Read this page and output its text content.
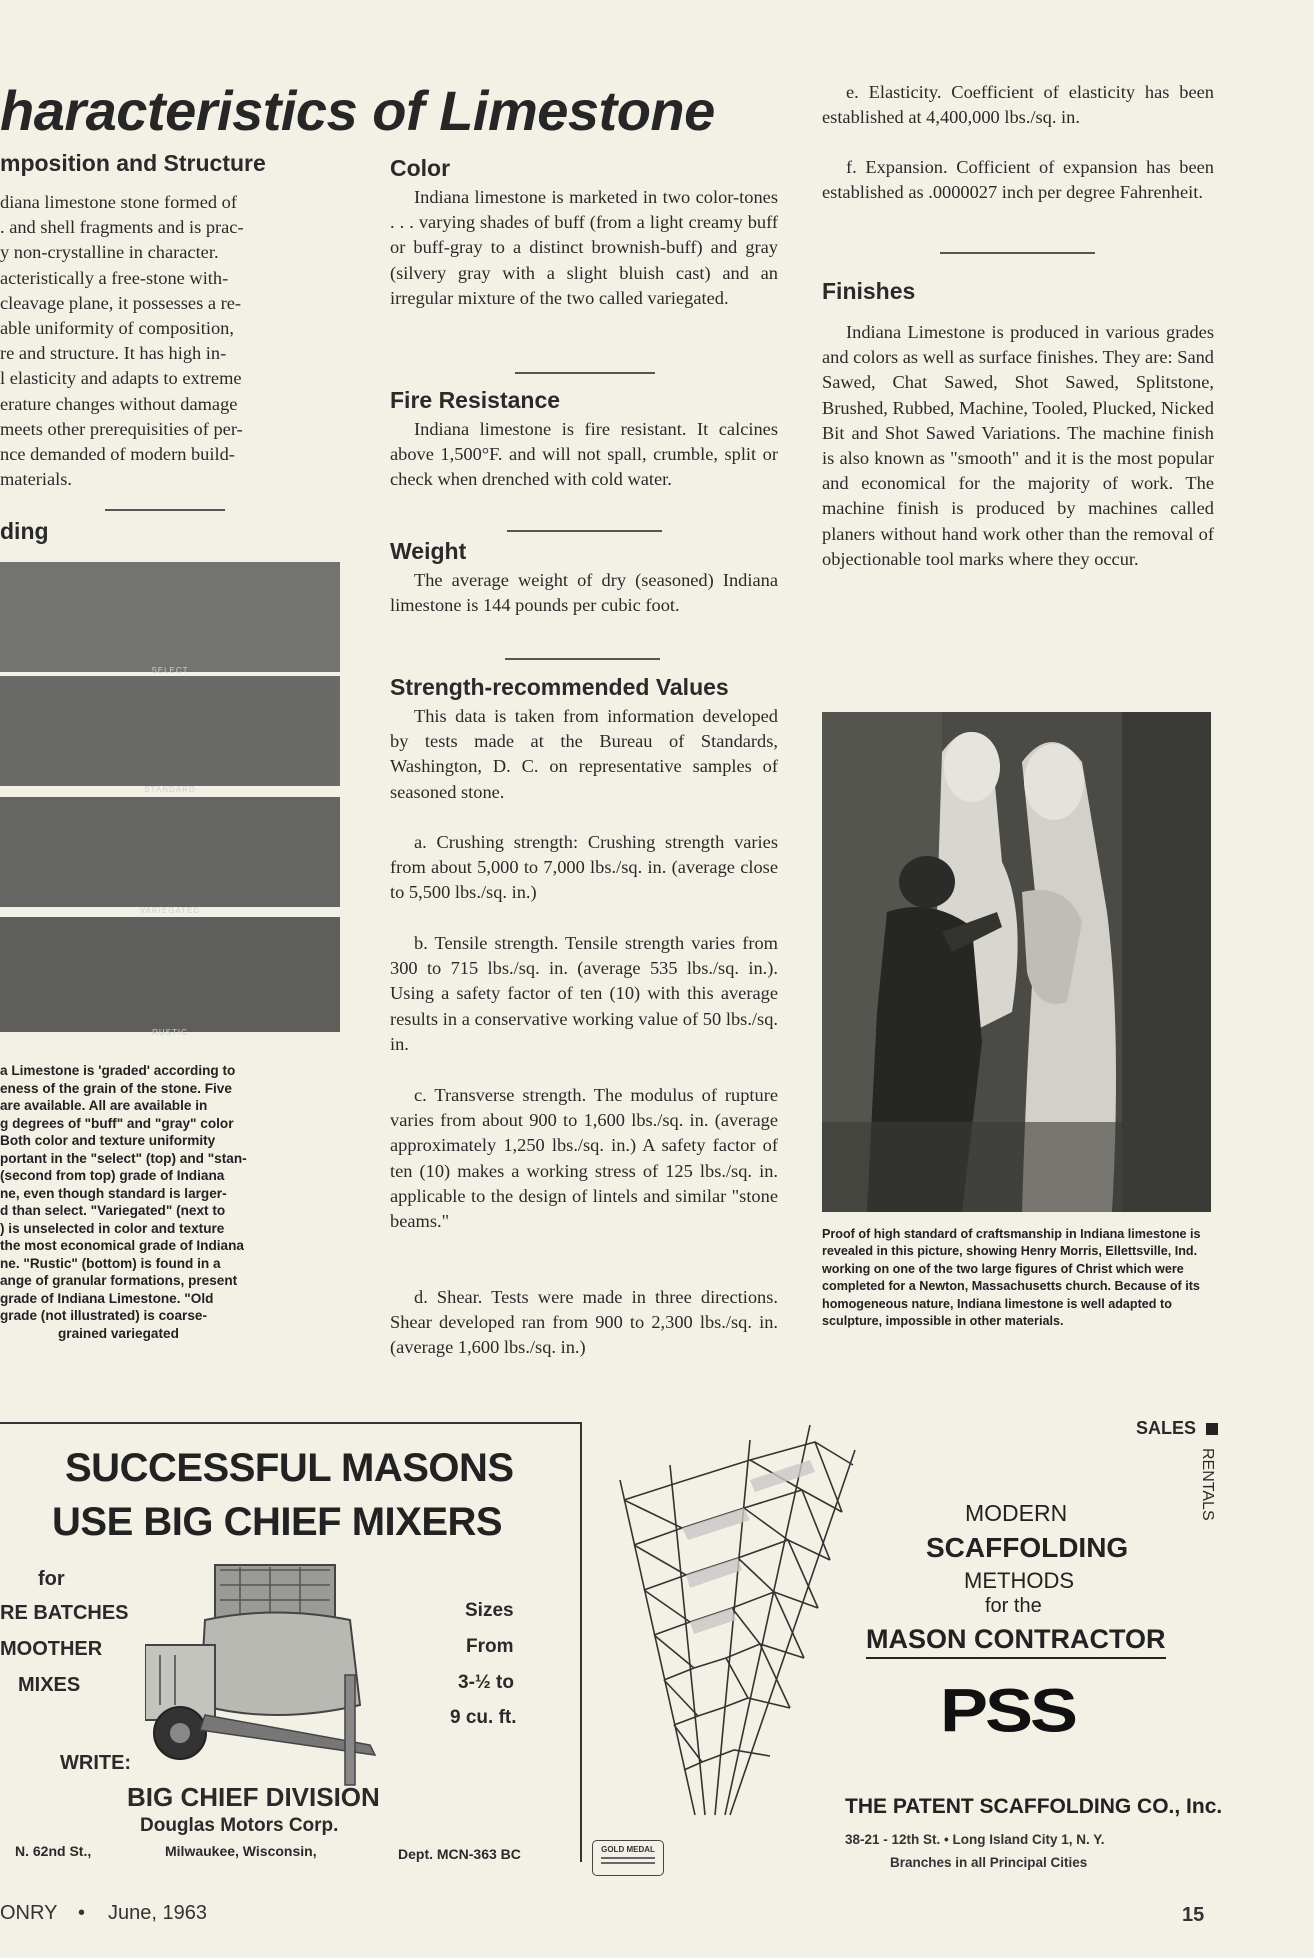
haracteristics of Limestone
mposition and Structure
diana limestone stone formed of
. and shell fragments and is prac-
y non-crystalline in character.
acteristically a free-stone with-
cleavage plane, it possesses a re-
able uniformity of composition,
re and structure. It has high in-
l elasticity and adapts to extreme
erature changes without damage
meets other prerequisities of per-
nce demanded of modern build-
materials.
ding
SELECT
STANDARD
VARIEGATED
RUSTIC
a Limestone is 'graded' according to
eness of the grain of the stone. Five
are available. All are available in
g degrees of "buff" and "gray" color
Both color and texture uniformity
portant in the "select" (top) and "stan-
(second from top) grade of Indiana
ne, even though standard is larger-
d than select. "Variegated" (next to
) is unselected in color and texture
the most economical grade of Indiana
ne. "Rustic" (bottom) is found in a
ange of granular formations, present
grade of Indiana Limestone. "Old
grade (not illustrated) is coarse-
grained variegated
Color
Indiana limestone is marketed in two color-tones . . . varying shades of buff (from a light creamy buff or buff-gray to a distinct brownish-buff) and gray (silvery gray with a slight bluish cast) and an irregular mixture of the two called variegated.
Fire Resistance
Indiana limestone is fire resistant. It calcines above 1,500°F. and will not spall, crumble, split or check when drenched with cold water.
Weight
The average weight of dry (seasoned) Indiana limestone is 144 pounds per cubic foot.
Strength-recommended Values
This data is taken from information developed by tests made at the Bureau of Standards, Washington, D. C. on representative samples of seasoned stone.
a. Crushing strength: Crushing strength varies from about 5,000 to 7,000 lbs./sq. in. (average close to 5,500 lbs./sq. in.)
b. Tensile strength. Tensile strength varies from 300 to 715 lbs./sq. in. (average 535 lbs./sq. in.). Using a safety factor of ten (10) with this average results in a conservative working value of 50 lbs./sq. in.
c. Transverse strength. The modulus of rupture varies from about 900 to 1,600 lbs./sq. in. (average approximately 1,250 lbs./sq. in.) A safety factor of ten (10) makes a working stress of 125 lbs./sq. in. applicable to the design of lintels and similar "stone beams."
d. Shear. Tests were made in three directions. Shear developed ran from 900 to 2,300 lbs./sq. in. (average 1,600 lbs./sq. in.)
e. Elasticity. Coefficient of elasticity has been established at 4,400,000 lbs./sq. in.
f. Expansion. Cofficient of expansion has been established as .0000027 inch per degree Fahrenheit.
Finishes
Indiana Limestone is produced in various grades and colors as well as surface finishes. They are: Sand Sawed, Chat Sawed, Shot Sawed, Splitstone, Brushed, Rubbed, Machine, Tooled, Plucked, Nicked Bit and Shot Sawed Variations. The machine finish is also known as "smooth" and it is the most popular and economical for the majority of work. The machine finish is produced by machines called planers without hand work other than the removal of objectionable tool marks where they occur.
Proof of high standard of craftsmanship in Indiana limestone is revealed in this picture, showing Henry Morris, Ellettsville, Ind. working on one of the two large figures of Christ which were completed for a Newton, Massachusetts church. Because of its homogeneous nature, Indiana limestone is well adapted to sculpture, impossible in other materials.
SUCCESSFUL MASONS
USE BIG CHIEF MIXERS
for
RE BATCHES
MOOTHER
MIXES
Sizes
From
3-½ to
9 cu. ft.
WRITE:
BIG CHIEF DIVISION
Douglas Motors Corp.
N. 62nd St.,	Milwaukee, Wisconsin,	Dept. MCN-363 BC	GOLD MEDAL
SALES
RENTALS
MODERN
SCAFFOLDING
METHODS
for the
MASON CONTRACTOR
PSS
THE PATENT SCAFFOLDING CO., Inc.
38-21 - 12th St. • Long Island City 1, N. Y.
Branches in all Principal Cities
ONRY • June, 1963	15
